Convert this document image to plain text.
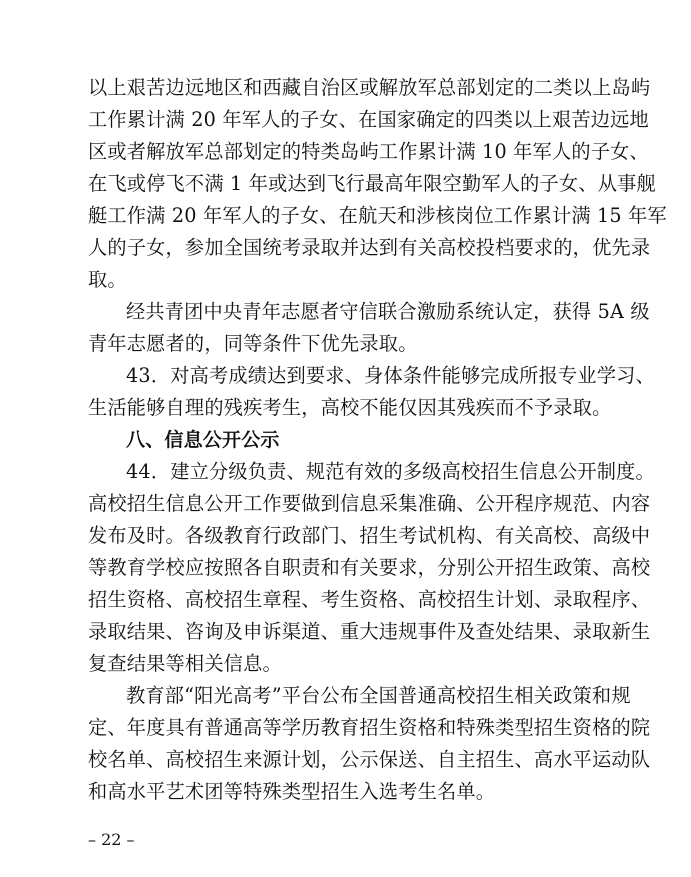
以上艰苦边远地区和西藏自治区或解放军总部划定的二类以上岛屿
工作累计满 20 年军人的子女、在国家确定的四类以上艰苦边远地
区或者解放军总部划定的特类岛屿工作累计满 10 年军人的子女、
在飞或停飞不满 1 年或达到飞行最高年限空勤军人的子女、从事舰
艇工作满 20 年军人的子女、在航天和涉核岗位工作累计满 15 年军
人的子女，参加全国统考录取并达到有关高校投档要求的，优先录
取。
经共青团中央青年志愿者守信联合激励系统认定，获得 5A 级
青年志愿者的，同等条件下优先录取。
43．对高考成绩达到要求、身体条件能够完成所报专业学习、
生活能够自理的残疾考生，高校不能仅因其残疾而不予录取。
八、信息公开公示
44．建立分级负责、规范有效的多级高校招生信息公开制度。
高校招生信息公开工作要做到信息采集准确、公开程序规范、内容
发布及时。各级教育行政部门、招生考试机构、有关高校、高级中
等教育学校应按照各自职责和有关要求，分别公开招生政策、高校
招生资格、高校招生章程、考生资格、高校招生计划、录取程序、
录取结果、咨询及申诉渠道、重大违规事件及查处结果、录取新生
复查结果等相关信息。
教育部“阳光高考”平台公布全国普通高校招生相关政策和规
定、年度具有普通高等学历教育招生资格和特殊类型招生资格的院
校名单、高校招生来源计划，公示保送、自主招生、高水平运动队
和高水平艺术团等特殊类型招生入选考生名单。
– 22 –
